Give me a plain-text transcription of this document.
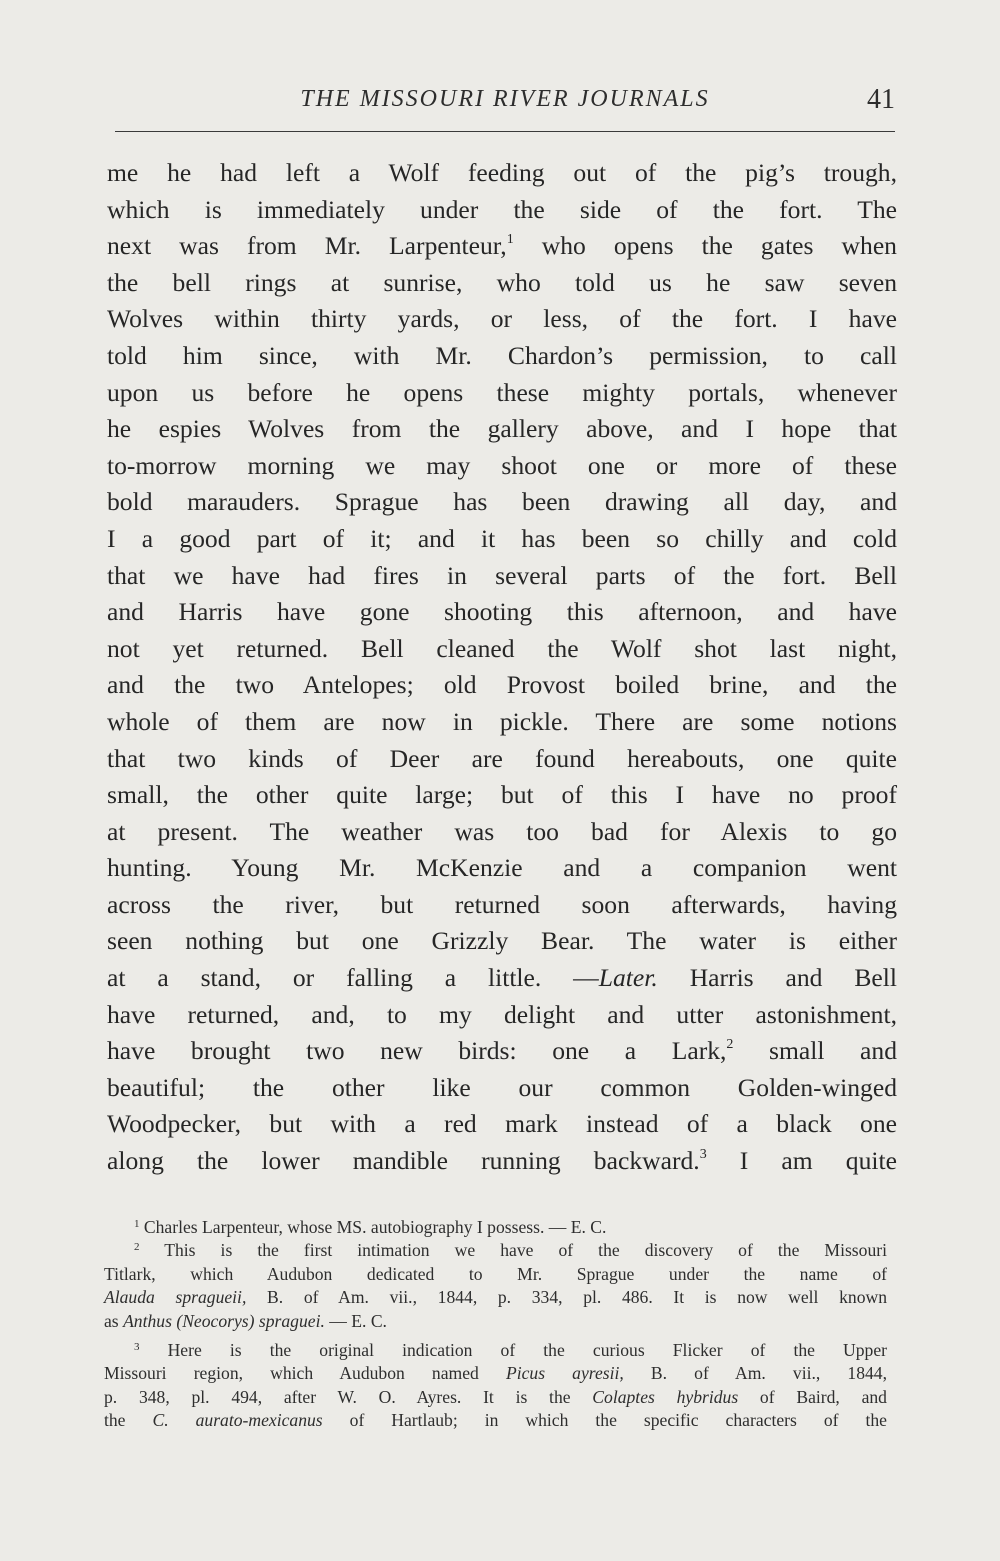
THE MISSOURI RIVER JOURNALS	41
me he had left a Wolf feeding out of the pig’s trough,
which is immediately under the side of the fort. The
next was from Mr. Larpenteur,$^1$ who opens the gates when
the bell rings at sunrise, who told us he saw seven
Wolves within thirty yards, or less, of the fort. I have
told him since, with Mr. Chardon’s permission, to call
upon us before he opens these mighty portals, whenever
he espies Wolves from the gallery above, and I hope that
to-morrow morning we may shoot one or more of these
bold marauders. Sprague has been drawing all day, and
I a good part of it; and it has been so chilly and cold
that we have had fires in several parts of the fort. Bell
and Harris have gone shooting this afternoon, and have
not yet returned. Bell cleaned the Wolf shot last night,
and the two Antelopes; old Provost boiled brine, and the
whole of them are now in pickle. There are some notions
that two kinds of Deer are found hereabouts, one quite
small, the other quite large; but of this I have no proof
at present. The weather was too bad for Alexis to go
hunting. Young Mr. McKenzie and a companion went
across the river, but returned soon afterwards, having
seen nothing but one Grizzly Bear. The water is either
at a stand, or falling a little. —Later. Harris and Bell
have returned, and, to my delight and utter astonishment,
have brought two new birds: one a Lark,$^2$ small and
beautiful; the other like our common Golden-winged
Woodpecker, but with a red mark instead of a black one
along the lower mandible running backward.$^3$ I am quite
$^1$ Charles Larpenteur, whose MS. autobiography I possess. — E. C.
$^2$ This is the first intimation we have of the discovery of the Missouri
Titlark, which Audubon dedicated to Mr. Sprague under the name of
Alauda spragueii, B. of Am. vii., 1844, p. 334, pl. 486. It is now well known
as Anthus (Neocorys) spraguei. — E. C.
$^3$ Here is the original indication of the curious Flicker of the Upper
Missouri region, which Audubon named Picus ayresii, B. of Am. vii., 1844,
p. 348, pl. 494, after W. O. Ayres. It is the Colaptes hybridus of Baird, and
the C. aurato-mexicanus of Hartlaub; in which the specific characters of the
